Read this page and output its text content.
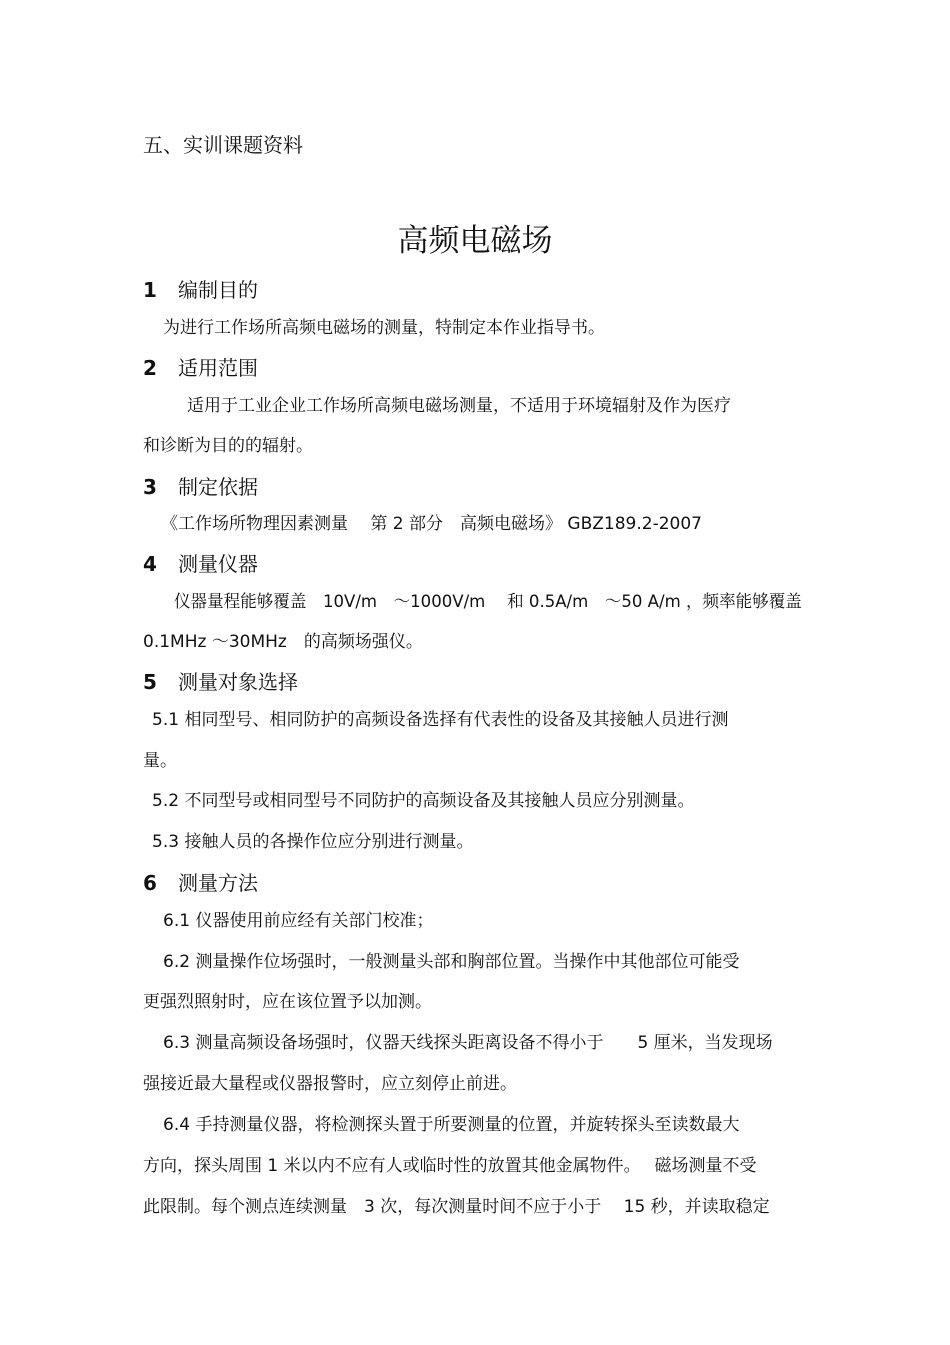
五、实训课题资料
高频电磁场
1 编制目的
为进行工作场所高频电磁场的测量，特制定本作业指导书。
2 适用范围
适用于工业企业工作场所高频电磁场测量，不适用于环境辐射及作为医疗
和诊断为目的的辐射。
3 制定依据
《工作场所物理因素测量　 第 2 部分　高频电磁场》 GBZ189.2-2007
4 测量仪器
仪器量程能够覆盖　10V/m　～1000V/m　 和 0.5A/m　～50 A/m ，频率能够覆盖
0.1MHz ～30MHz　的高频场强仪。
5 测量对象选择
5.1 相同型号、相同防护的高频设备选择有代表性的设备及其接触人员进行测
量。
5.2 不同型号或相同型号不同防护的高频设备及其接触人员应分别测量。
5.3 接触人员的各操作位应分别进行测量。
6 测量方法
6.1 仪器使用前应经有关部门校准；
6.2 测量操作位场强时，一般测量头部和胸部位置。当操作中其他部位可能受
更强烈照射时，应在该位置予以加测。
6.3 测量高频设备场强时，仪器天线探头距离设备不得小于　　5 厘米，当发现场
强接近最大量程或仪器报警时，应立刻停止前进。
6.4 手持测量仪器，将检测探头置于所要测量的位置，并旋转探头至读数最大
方向，探头周围 1 米以内不应有人或临时性的放置其他金属物件。　 磁场测量不受
此限制。每个测点连续测量　3 次，每次测量时间不应于小于　 15 秒，并读取稳定
